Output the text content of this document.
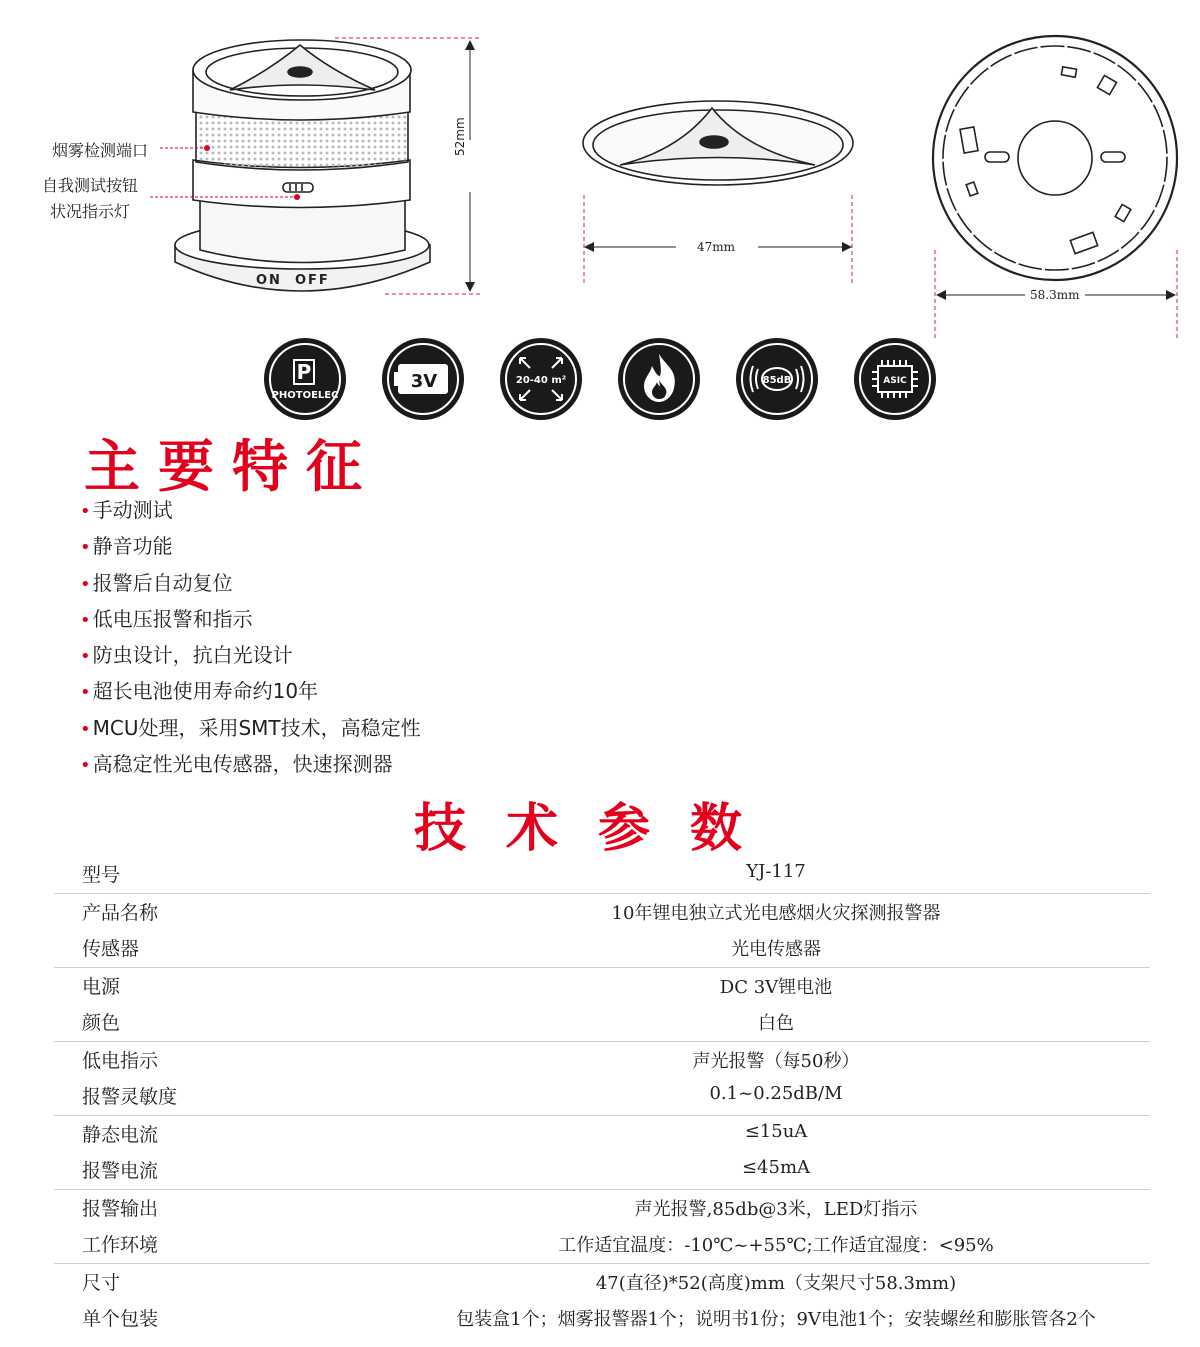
烟雾检测端口
自我测试按钮
状况指示灯
ON  OFF
52mm
47mm
58.3mm
P
PHOTOELEC
3V	20-40 m²	85dB	ASIC
主要特征
• 手动测试
• 静音功能
• 报警后自动复位
• 低电压报警和指示
• 防虫设计，抗白光设计
• 超长电池使用寿命约10年
• MCU处理，采用SMT技术，高稳定性
• 高稳定性光电传感器，快速探测器
技术参数
型号	YJ-117
产品名称	10年锂电独立式光电感烟火灾探测报警器
传感器	光电传感器
电源	DC 3V锂电池
颜色	白色
低电指示	声光报警（每50秒）
报警灵敏度	0.1~0.25dB/M
静态电流	≤15uA
报警电流	≤45mA
报警输出	声光报警,85db@3米，LED灯指示
工作环境	工作适宜温度：-10℃~+55℃;工作适宜湿度：<95%
尺寸	47(直径)*52(高度)mm（支架尺寸58.3mm)
单个包装	包装盒1个；烟雾报警器1个；说明书1份；9V电池1个；安装螺丝和膨胀管各2个
